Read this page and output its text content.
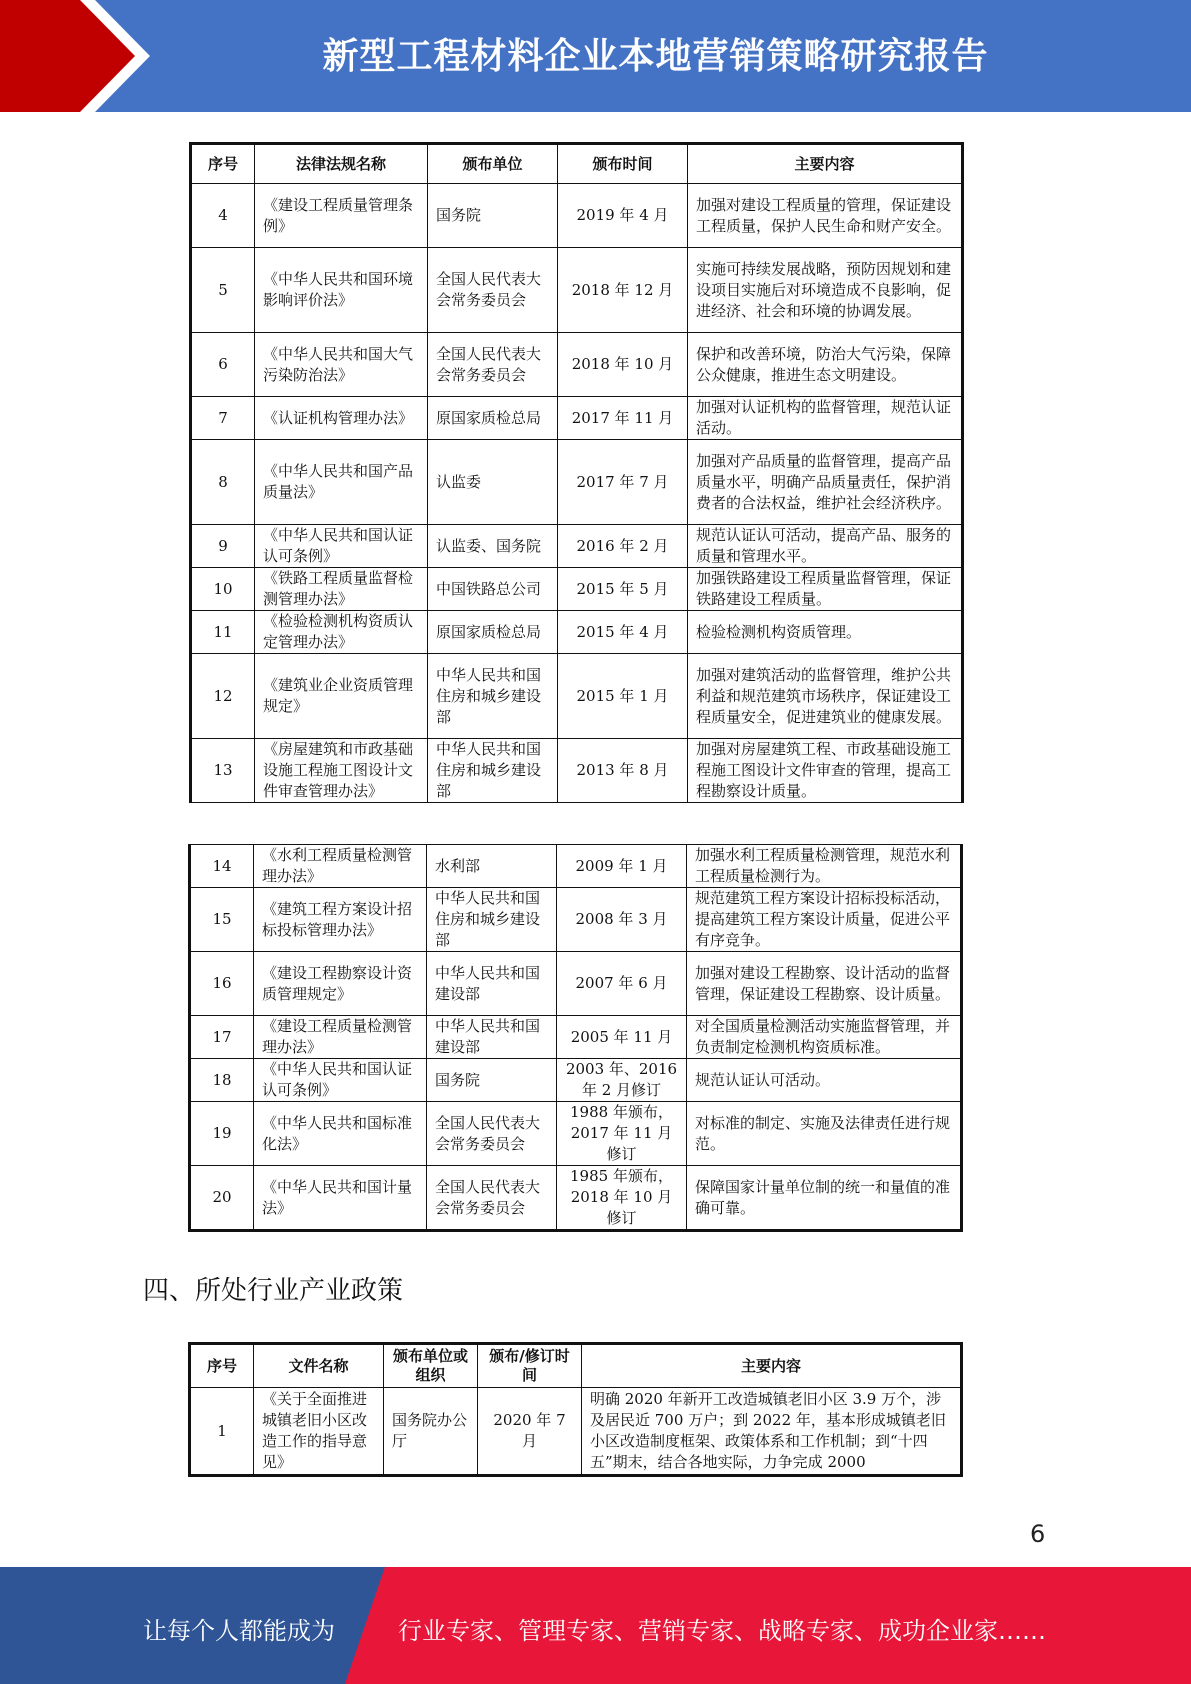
新型工程材料企业本地营销策略研究报告
序号	法律法规名称	颁布单位	颁布时间	主要内容
4	《建设工程质量管理条例》	国务院	2019 年 4 月	加强对建设工程质量的管理，保证建设工程质量，保护人民生命和财产安全。
5	《中华人民共和国环境影响评价法》	全国人民代表大会常务委员会	2018 年 12 月	实施可持续发展战略，预防因规划和建设项目实施后对环境造成不良影响，促进经济、社会和环境的协调发展。
6	《中华人民共和国大气污染防治法》	全国人民代表大会常务委员会	2018 年 10 月	保护和改善环境，防治大气污染，保障公众健康，推进生态文明建设。
7	《认证机构管理办法》	原国家质检总局	2017 年 11 月	加强对认证机构的监督管理，规范认证活动。
8	《中华人民共和国产品质量法》	认监委	2017 年 7 月	加强对产品质量的监督管理，提高产品质量水平，明确产品质量责任，保护消费者的合法权益，维护社会经济秩序。
9	《中华人民共和国认证认可条例》	认监委、国务院	2016 年 2 月	规范认证认可活动，提高产品、服务的质量和管理水平。
10	《铁路工程质量监督检测管理办法》	中国铁路总公司	2015 年 5 月	加强铁路建设工程质量监督管理，保证铁路建设工程质量。
11	《检验检测机构资质认定管理办法》	原国家质检总局	2015 年 4 月	检验检测机构资质管理。
12	《建筑业企业资质管理规定》	中华人民共和国住房和城乡建设部	2015 年 1 月	加强对建筑活动的监督管理，维护公共利益和规范建筑市场秩序，保证建设工程质量安全，促进建筑业的健康发展。
13	《房屋建筑和市政基础设施工程施工图设计文件审查管理办法》	中华人民共和国住房和城乡建设部	2013 年 8 月	加强对房屋建筑工程、市政基础设施工程施工图设计文件审查的管理，提高工程勘察设计质量。
14	《水利工程质量检测管理办法》	水利部	2009 年 1 月	加强水利工程质量检测管理，规范水利工程质量检测行为。
15	《建筑工程方案设计招标投标管理办法》	中华人民共和国住房和城乡建设部	2008 年 3 月	规范建筑工程方案设计招标投标活动，提高建筑工程方案设计质量，促进公平有序竞争。
16	《建设工程勘察设计资质管理规定》	中华人民共和国建设部	2007 年 6 月	加强对建设工程勘察、设计活动的监督管理，保证建设工程勘察、设计质量。
17	《建设工程质量检测管理办法》	中华人民共和国建设部	2005 年 11 月	对全国质量检测活动实施监督管理，并负责制定检测机构资质标准。
18	《中华人民共和国认证认可条例》	国务院	2003 年、2016 年 2 月修订	规范认证认可活动。
19	《中华人民共和国标准化法》	全国人民代表大会常务委员会	1988 年颁布，2017 年 11 月修订	对标准的制定、实施及法律责任进行规范。
20	《中华人民共和国计量法》	全国人民代表大会常务委员会	1985 年颁布，2018 年 10 月修订	保障国家计量单位制的统一和量值的准确可靠。
四、所处行业产业政策
序号	文件名称	颁布单位或组织	颁布/修订时间	主要内容
1	《关于全面推进城镇老旧小区改造工作的指导意见》	国务院办公厅	2020 年 7 月	明确 2020 年新开工改造城镇老旧小区 3.9 万个，涉及居民近 700 万户；到 2022 年，基本形成城镇老旧小区改造制度框架、政策体系和工作机制；到“十四五”期末，结合各地实际，力争完成 2000
6
让每个人都能成为	行业专家、管理专家、营销专家、战略专家、成功企业家……
